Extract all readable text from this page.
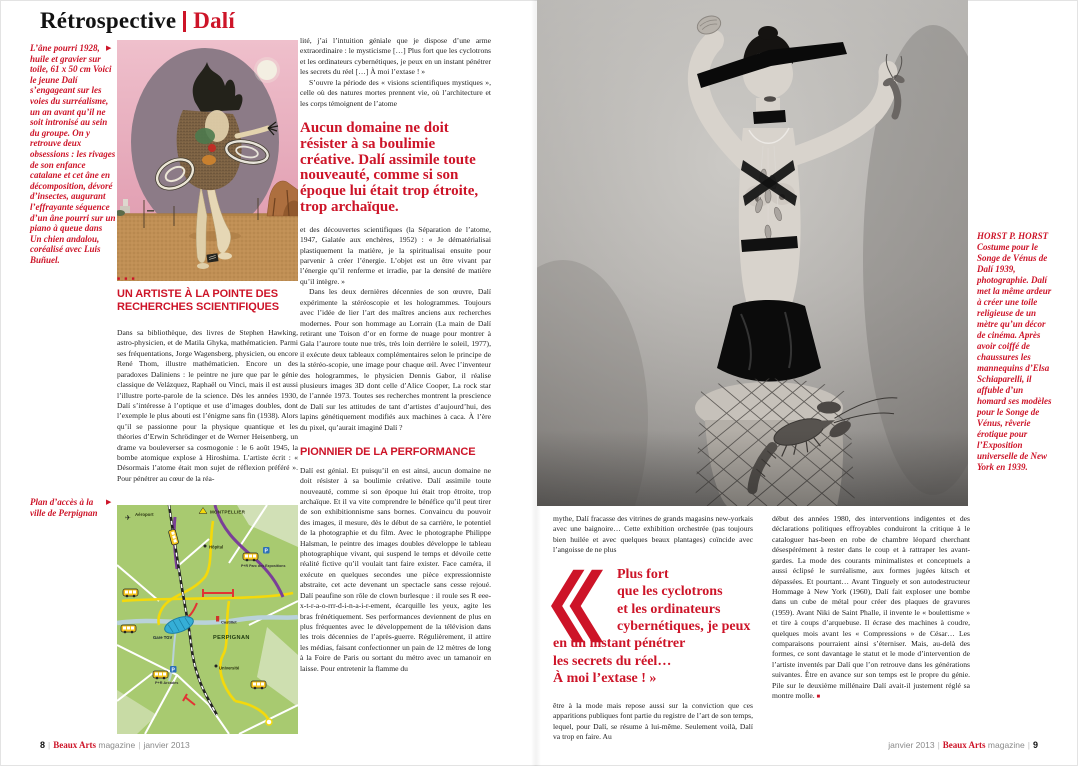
Rétrospective Dalí
L’âne pourri 1928, huile et gravier sur toile, 61 x 50 cm Voici le jeune Dalí s’engageant sur les voies du surréalisme, un an avant qu’il ne soit intronisé au sein du groupe. On y retrouve deux obsessions : les rivages de son enfance catalane et cet âne en décomposition, dévoré d’insectes, augurant l’effrayante séquence d’un âne pourri sur un piano à queue dans Un chien andalou, coréalisé avec Luis Buñuel.
▶
■ ■ ■
UN ARTISTE À LA POINTE DES RECHERCHES SCIENTIFIQUES
Dans sa bibliothèque, des livres de Stephen Hawking, astro-physicien, et de Matila Ghyka, mathématicien. Parmi ses fréquentations, Jorge Wagensberg, physicien, ou encore René Thom, illustre mathématicien. Encore un des paradoxes Daliniens : le peintre ne jure que par le génie classique de Velázquez, Raphaël ou Vinci, mais il est aussi l’illustre porte-parole de la science. Dès les années 1930, Dalí s’intéresse à l’optique et use d’images doubles, dont l’exemple le plus abouti est l’énigme sans fin (1938). Alors qu’il se passionne pour la physique quantique et les théories d’Erwin Schrödinger et de Werner Heisenberg, un drame va bouleverser sa cosmogonie : le 6 août 1945, la bombe atomique explose à Hiroshima. L’artiste écrit : « Désormais l’atome était mon sujet de réflexion préféré ». Pour pénétrer au cœur de la réa-
Plan d’accès à la ville de Perpignan
▶
P
P
✈
MONTPELLIER
Aéroport
Hôpital
PERPIGNAN
Gare TGV
Castillet
Université
P+R Parc des Expositions
P+R Arcades

lité, j’ai l’intuition géniale que je dispose d’une arme extraordinaire : le mysticisme […] Plus fort que les cyclotrons et les ordinateurs cybernétiques, je peux en un instant pénétrer les secrets du réel […] À moi l’extase ! »

S’ouvre la période des « visions scientifiques mystiques », celle où des natures mortes prennent vie, où l’architecture et les corps témoignent de l’atome

Aucun domaine ne doit résister à sa boulimie créative. Dalí assimile toute nouveauté, comme si son époque lui était trop étroite, trop archaïque.

et des découvertes scientifiques (la Séparation de l’atome, 1947, Galatée aux enchères, 1952) : « Je dématérialisai plastiquement la matière, je la spiritualisai ensuite pour parvenir à créer l’énergie. L’objet est un être vivant par l’énergie qu’il renferme et irradie, par la densité de matière qu’il intègre. »

Dans les deux dernières décennies de son œuvre, Dalí expérimente la stéréoscopie et les hologrammes. Toujours avec l’idée de lier l’art des maîtres anciens aux recherches modernes. Pour son hommage au Lorrain (La main de Dalí retirant une Toison d’or en forme de nuage pour montrer à Gala l’aurore toute nue très, très loin derrière le soleil, 1977), il exécute deux tableaux complémentaires selon le principe de la stéréo-scopie, une image pour chaque œil. Avec l’inventeur des hologrammes, le physicien Dennis Gabor, il réalise plusieurs images 3D dont celle d’Alice Cooper, La rock star de l’année 1973. Toutes ses recherches montrent la prescience de Dalí sur les attitudes de tant d’artistes d’aujourd’hui, des lapins génétiquement modifiés aux machines à caca. À l’ère du pixel, qu’aurait imaginé Dalí ?

PIONNIER DE LA PERFORMANCE

Dalí est génial. Et puisqu’il en est ainsi, aucun domaine ne doit résister à sa boulimie créative. Dalí assimile toute nouveauté, comme si son époque lui était trop étroite, trop archaïque. Et il va vite comprendre le bénéfice qu’il peut tirer de son exhibitionnisme sans bornes. Convaincu du pouvoir des images, il mesure, dès le début de sa carrière, le potentiel de la photographie et du film. Avec le photographe Philippe Halsman, le peintre des images doubles développe le tableau photographique vivant, qui suspend le temps et dévoile cette réalité fictive qu’il voulait tant faire exister. Face caméra, il exécute en quelques secondes une pièce expressionniste abstraite, cet acte devenant un spectacle sans cesse rejoué. Dalí peaufine son rôle de clown burlesque : il roule ses R eee-x-t-r-a-o-rrr-d-i-n-a-i-r-ement, écarquille les yeux, agite les bras frénétiquement. Ses performances deviennent de plus en plus fréquentes avec le développement de la télévision dans les trois décennies de l’après-guerre. Régulièrement, il attire les médias, faisant confectionner un pain de 12 mètres de long à la Foire de Paris ou sortant du métro avec un tamanoir en laisse. Pour entretenir la flamme du

HORST P. HORST Costume pour le Songe de Vénus de Dalí 1939, photographie. Dalí met la même ardeur à créer une toile religieuse de un mètre qu’un décor de cinéma. Après avoir coiffé de chaussures les mannequins d’Elsa Schiaparelli, il affuble d’un homard ses modèles pour le Songe de Vénus, rêverie érotique pour l’Exposition universelle de New York en 1939.

mythe, Dalí fracasse des vitrines de grands magasins new-yorkais avec une baignoire… Cette exhibition orchestrée (pas toujours bien huilée et avec quelques beaux plantages) coïncide avec l’angoisse de ne plus

Plus fort
que les cyclotrons
et les ordinateurs
cybernétiques, je peux
en un instant pénétrer
les secrets du réel…
À moi l’extase ! »

être à la mode mais repose aussi sur la conviction que ces apparitions publiques font partie du registre de l’art de son temps, lequel, pour Dalí, se résume à lui-même. Seulement voilà, Dalí va trop en faire. Au

début des années 1980, des interventions indigentes et des déclarations politiques effroyables conduiront la critique à le cataloguer has-been en robe de chambre léopard cherchant désespérément à rester dans le coup et à rattraper les avant-gardes. La mode des courants minimalistes et conceptuels a aussi éclipsé le surréalisme, aux formes jugées kitsch et dépassées. Et pourtant… Avant Tinguely et son autodestructeur Hommage à New York (1960), Dalí fait exploser une bombe dans un cube de métal pour créer des plaques de gravures (1959). Avant Niki de Saint Phalle, il invente le « boulettisme » et tire à coups d’arquebuse. Il écrase des machines à coudre, quelques mois avant les « Compressions » de César… Les comparaisons pourraient ainsi s’éterniser. Mais, au-delà des formes, ce sont davantage le statut et le mode d’intervention de l’artiste inventés par Dalí que l’on retrouve dans les générations suivantes. Être en avance sur son temps est le propre du génie. Pile sur le deuxième millénaire Dalí avait-il justement réglé sa montre molle. ■

8 | Beaux Arts magazine | janvier 2013	janvier 2013 | Beaux Arts magazine | 9
